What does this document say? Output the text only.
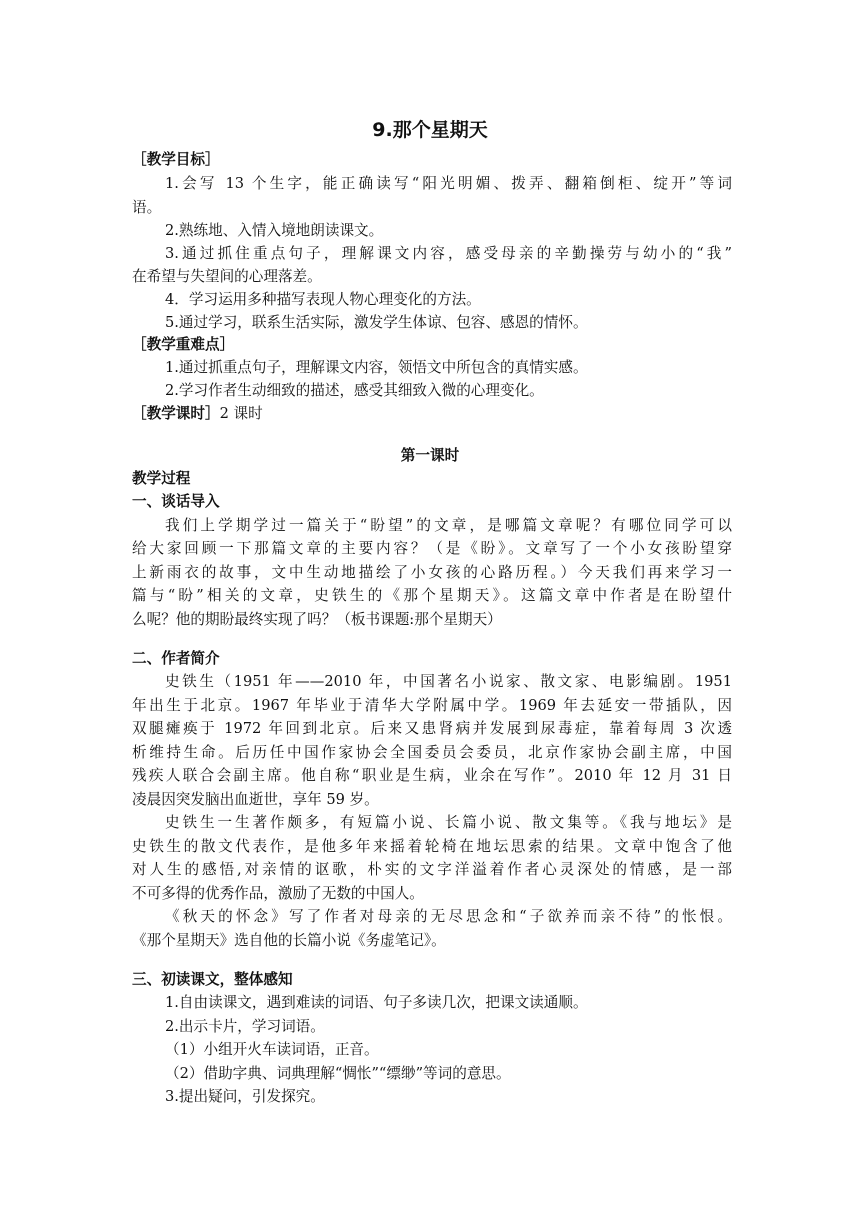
9.那个星期天

［教学目标］

1.会写 13 个生字，能正确读写“阳光明媚、拨弄、翻箱倒柜、绽开”等词

语。

2.熟练地、入情入境地朗读课文。

3.通过抓住重点句子，理解课文内容，感受母亲的辛勤操劳与幼小的“我”

在希望与失望间的心理落差。

4．学习运用多种描写表现人物心理变化的方法。

5.通过学习，联系生活实际，激发学生体谅、包容、感恩的情怀。

［教学重难点］

1.通过抓重点句子，理解课文内容，领悟文中所包含的真情实感。

2.学习作者生动细致的描述，感受其细致入微的心理变化。

［教学课时］2 课时

第一课时

教学过程

一、谈话导入

我们上学期学过一篇关于“盼望”的文章，是哪篇文章呢？有哪位同学可以

给大家回顾一下那篇文章的主要内容？（是《盼》。文章写了一个小女孩盼望穿

上新雨衣的故事，文中生动地描绘了小女孩的心路历程。）今天我们再来学习一

篇与“盼”相关的文章，史铁生的《那个星期天》。这篇文章中作者是在盼望什

么呢？他的期盼最终实现了吗？（板书课题:那个星期天）

二、作者简介

史铁生（1951 年——2010 年，中国著名小说家、散文家、电影编剧。1951

年出生于北京。1967 年毕业于清华大学附属中学。1969 年去延安一带插队，因

双腿瘫痪于 1972 年回到北京。后来又患肾病并发展到尿毒症，靠着每周 3 次透

析维持生命。后历任中国作家协会全国委员会委员，北京作家协会副主席，中国

残疾人联合会副主席。他自称“职业是生病，业余在写作”。2010 年 12 月 31 日

凌晨因突发脑出血逝世，享年 59 岁。

史铁生一生著作颇多，有短篇小说、长篇小说、散文集等。《我与地坛》是

史铁生的散文代表作，是他多年来摇着轮椅在地坛思索的结果。文章中饱含了他

对人生的感悟,对亲情的讴歌，朴实的文字洋溢着作者心灵深处的情感，是一部

不可多得的优秀作品，激励了无数的中国人。

《秋天的怀念》写了作者对母亲的无尽思念和“子欲养而亲不待”的怅恨。

《那个星期天》选自他的长篇小说《务虚笔记》。

三、初读课文，整体感知

1.自由读课文，遇到难读的词语、句子多读几次，把课文读通顺。

2.出示卡片，学习词语。

（1）小组开火车读词语，正音。

（2）借助字典、词典理解“惆怅”“缥缈”等词的意思。

3.提出疑问，引发探究。
